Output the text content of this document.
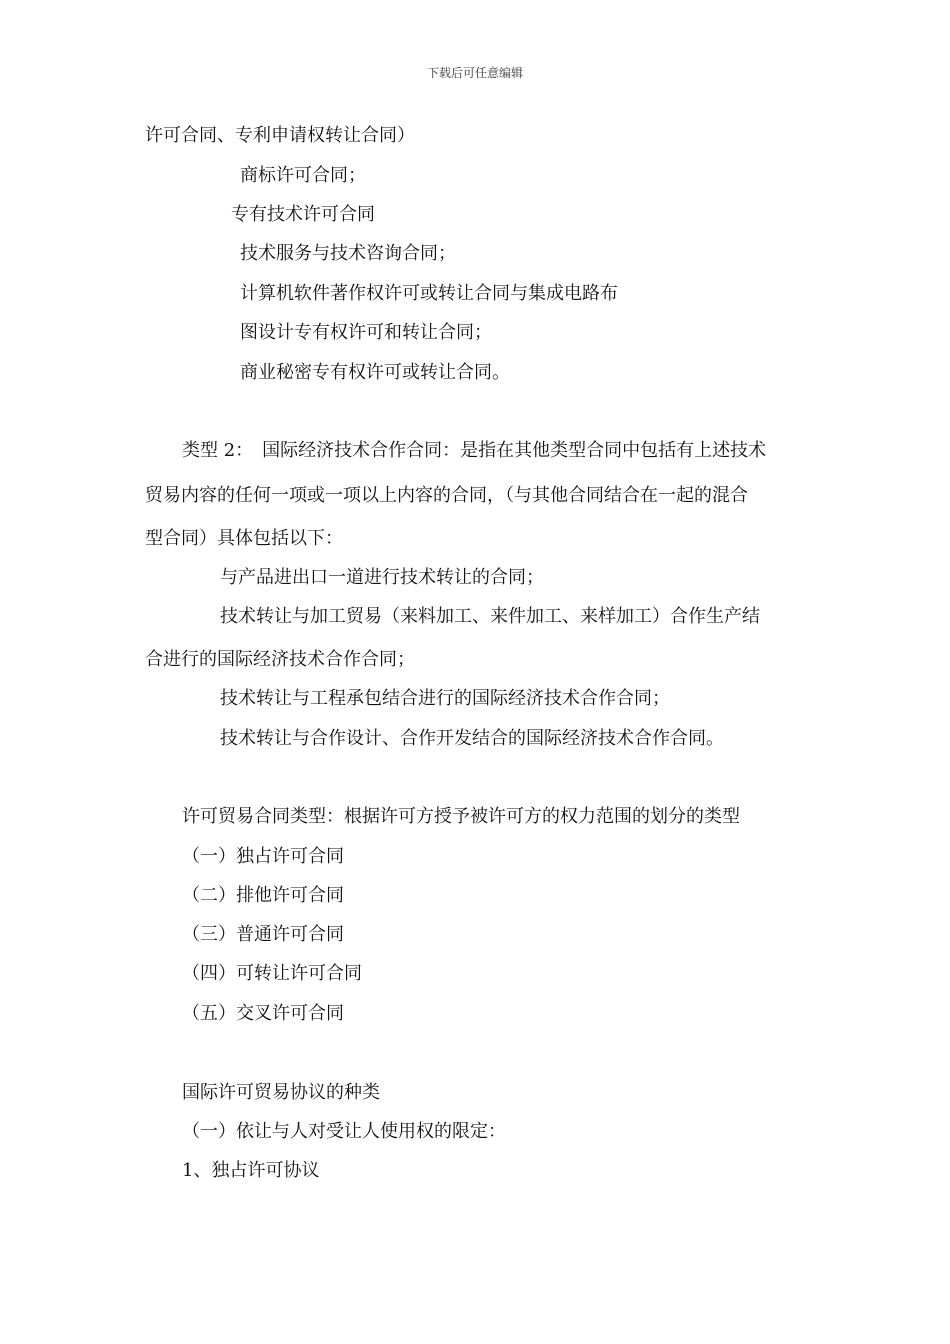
下载后可任意编辑

许可合同、专利申请权转让合同）

商标许可合同；

专有技术许可合同

技术服务与技术咨询合同；

计算机软件著作权许可或转让合同与集成电路布

图设计专有权许可和转让合同；

商业秘密专有权许可或转让合同。

类型 2：　国际经济技术合作合同：是指在其他类型合同中包括有上述技术

贸易内容的任何一项或一项以上内容的合同，（与其他合同结合在一起的混合

型合同）具体包括以下：

与产品进出口一道进行技术转让的合同；

技术转让与加工贸易（来料加工、来件加工、来样加工）合作生产结

合进行的国际经济技术合作合同；

技术转让与工程承包结合进行的国际经济技术合作合同；

技术转让与合作设计、合作开发结合的国际经济技术合作合同。

许可贸易合同类型：根据许可方授予被许可方的权力范围的划分的类型

（一）独占许可合同

（二）排他许可合同

（三）普通许可合同

（四）可转让许可合同

（五）交叉许可合同

国际许可贸易协议的种类

（一）依让与人对受让人使用权的限定：

1、独占许可协议
